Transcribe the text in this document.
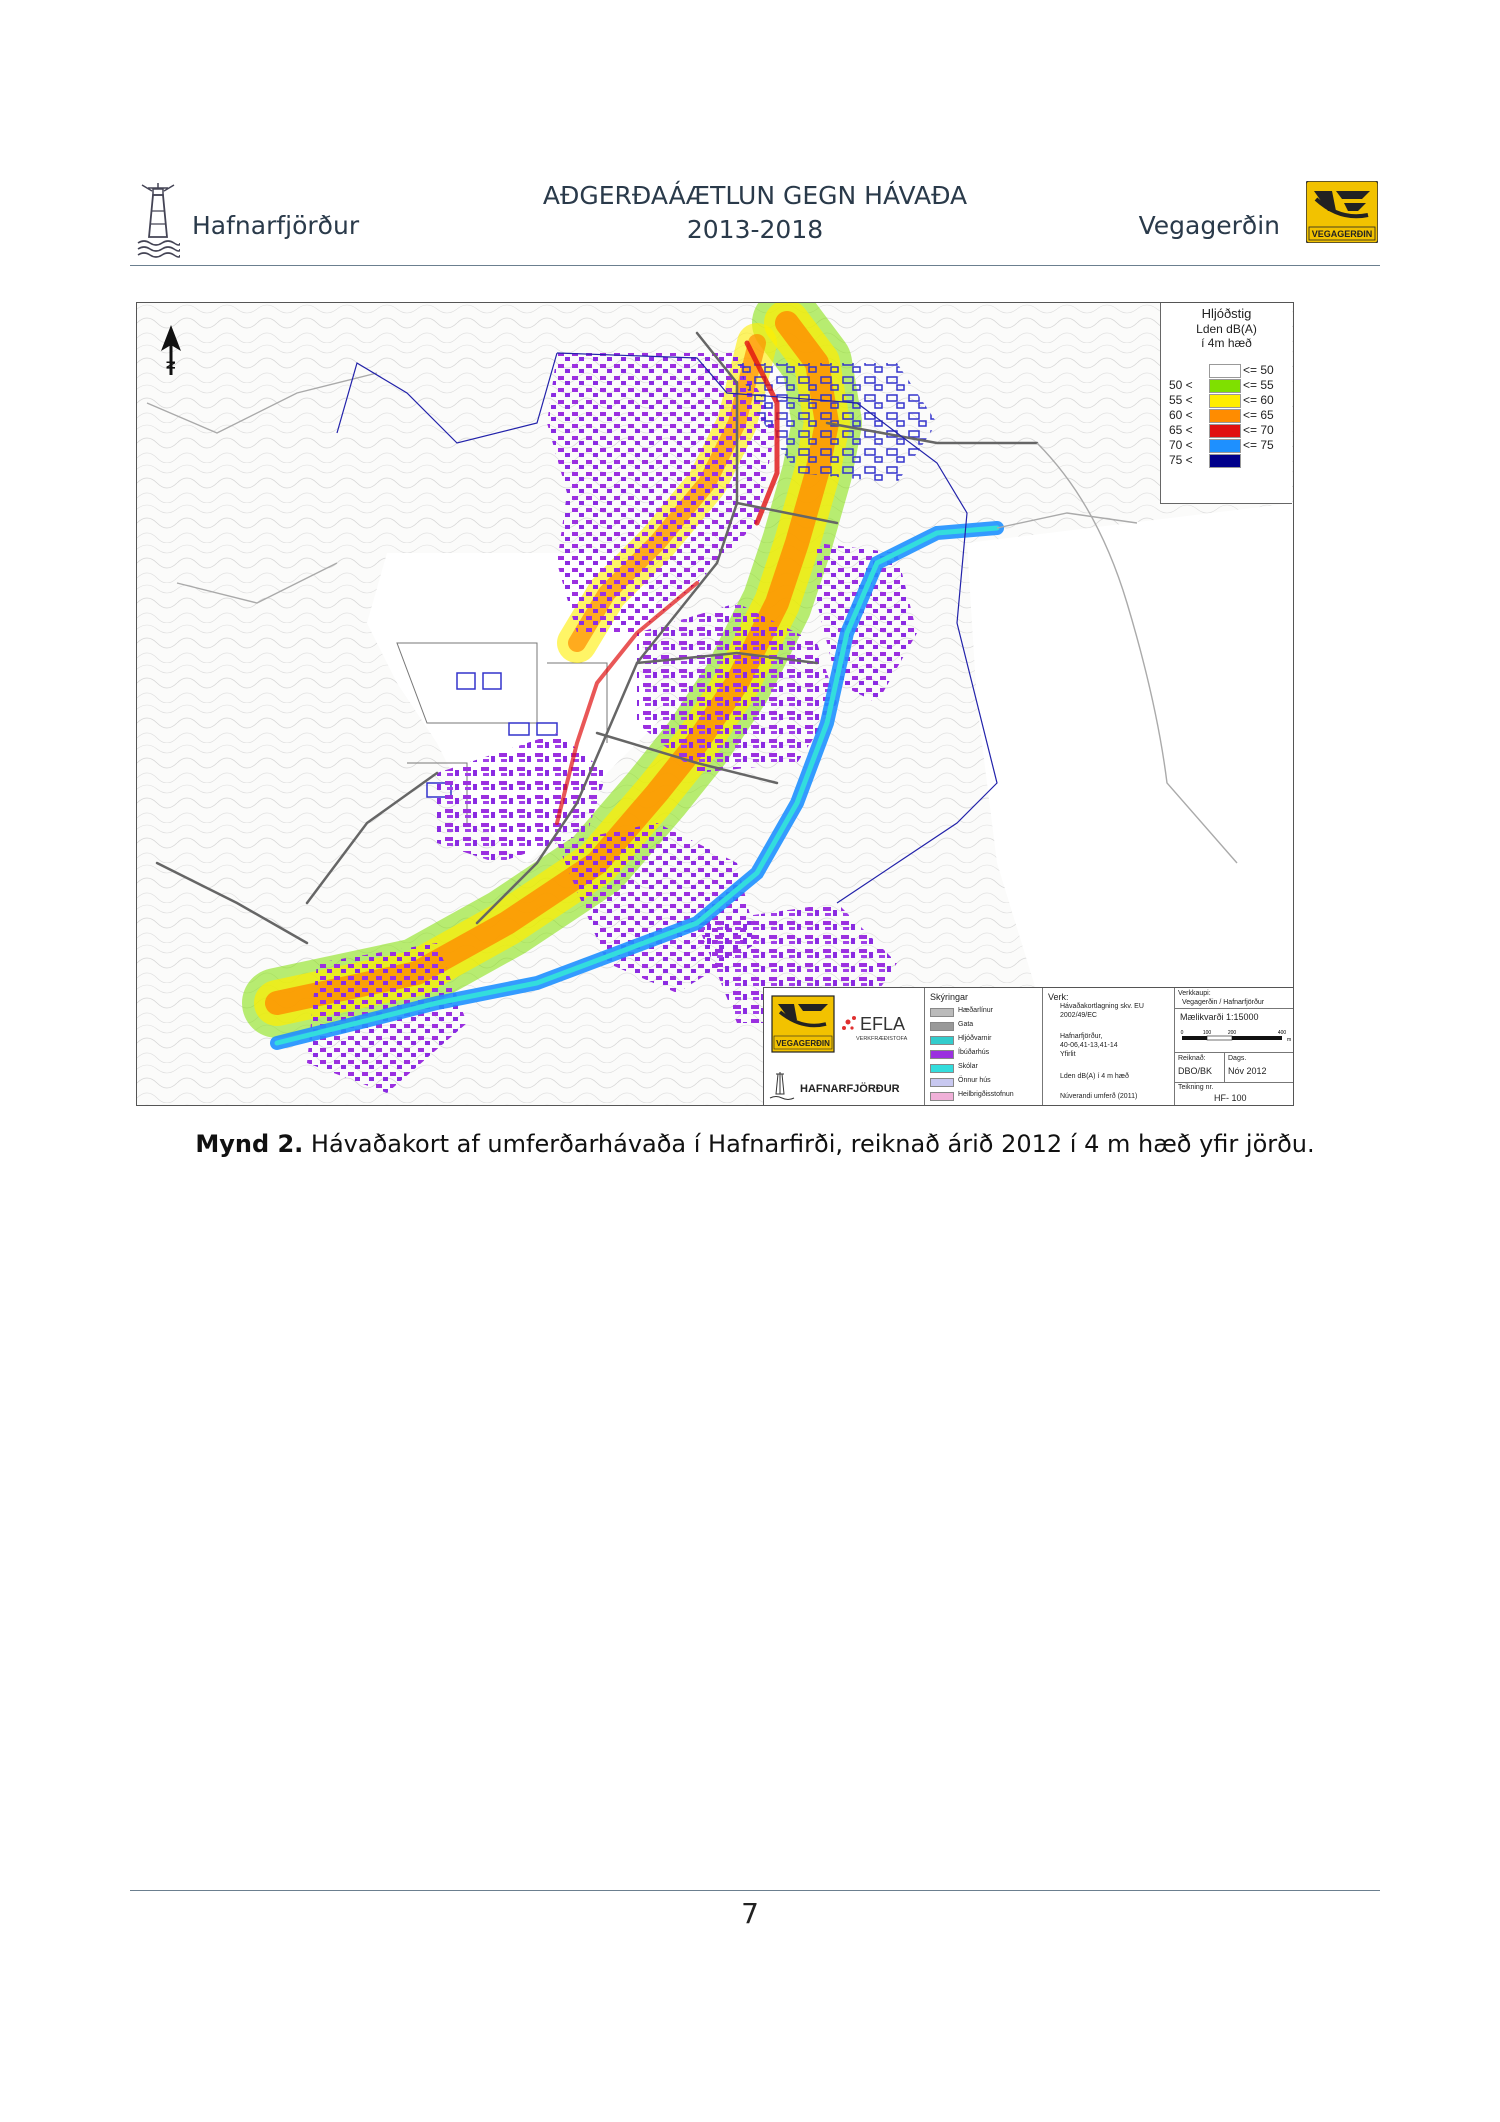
Hafnarfjörður
AÐGERÐAÁÆTLUN GEGN HÁVAÐA
2013-2018	Vegagerðin	VEGAGERÐIN
N
Hljóðstig
Lden dB(A)
í 4m hæð
<= 50
50 <	<= 55
55 <	<= 60
60 <	<= 65
65 <	<= 70
70 <	<= 75
75 <
VEGAGERÐIN
EFLA
VERKFRÆÐISTOFA
HAFNARFJÖRÐUR
Skýringar
Hæðarlínur
Gata
Hljóðvarnir
Íbúðarhús
Skólar
Önnur hús
Heilbrigðisstofnun
Verk:
Hávaðakortlagning skv. EU
2002/49/EC
Hafnarfjörður,
40-06,41-13,41-14
Yfirlit
Lden dB(A) í 4 m hæð
Núverandi umferð (2011)
Verkkaupi:
Vegagerðin / Hafnarfjörður
Mælikvarði 1:15000
0	100	200	400
m
Reiknað:
DBO/BK
Dags.
Nóv 2012
Teikning nr.
HF- 100
Mynd 2. Hávaðakort af umferðarhávaða í Hafnarfirði, reiknað árið 2012 í 4 m hæð yfir jörðu.
7
